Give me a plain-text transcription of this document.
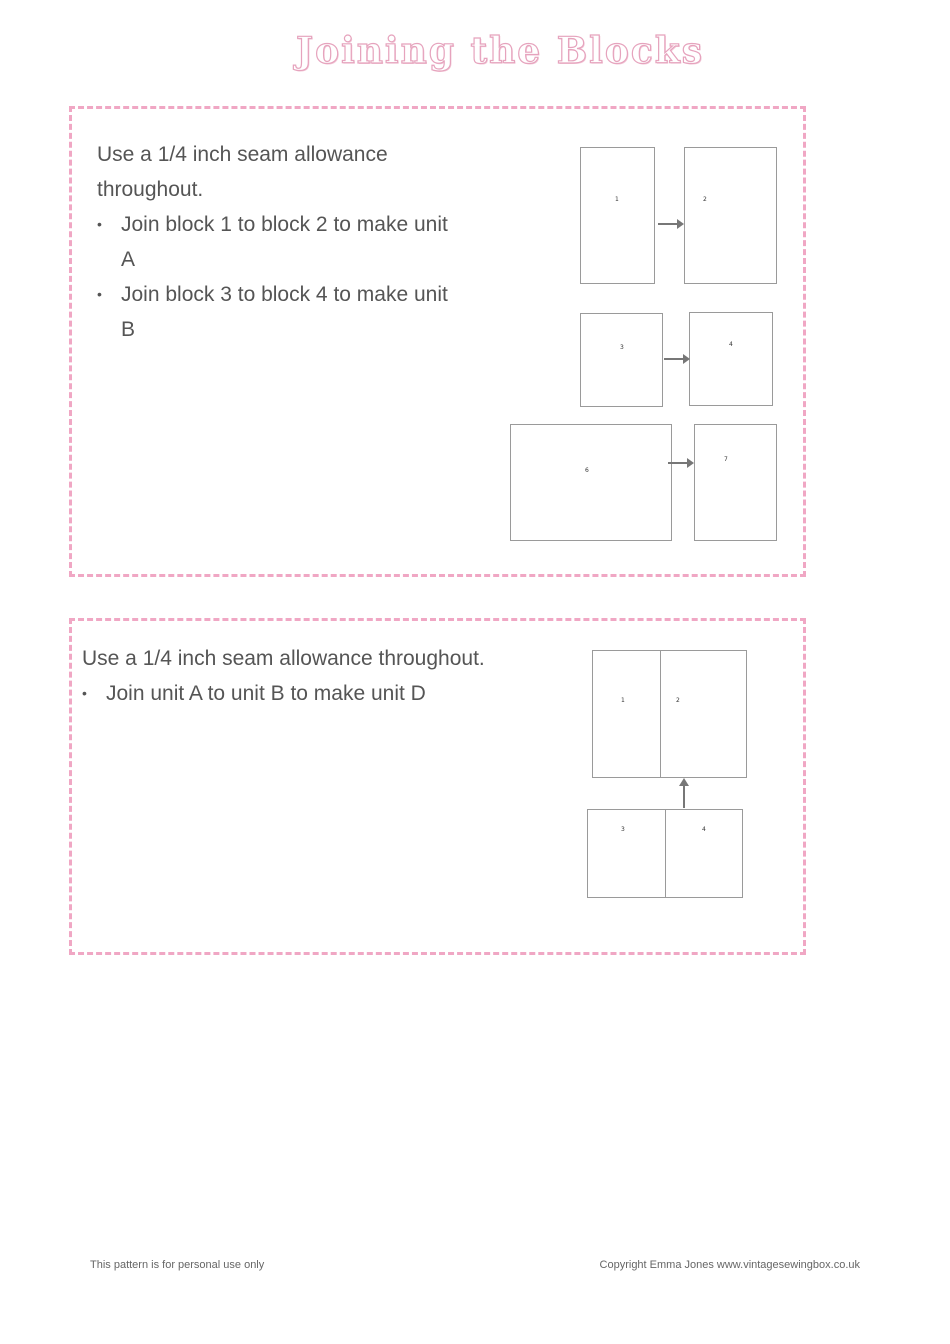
Joining the Blocks

Use a 1/4 inch seam allowance throughout.

• Join block 1 to block 2 to make unit A
• Join block 3 to block 4 to make unit B
1	2
3	4
6
7

Use a 1/4 inch seam allowance throughout.

• Join unit A to unit B to make unit D	1	2
3	4
This pattern is for personal use only	Copyright Emma Jones www.vintagesewingbox.co.uk
